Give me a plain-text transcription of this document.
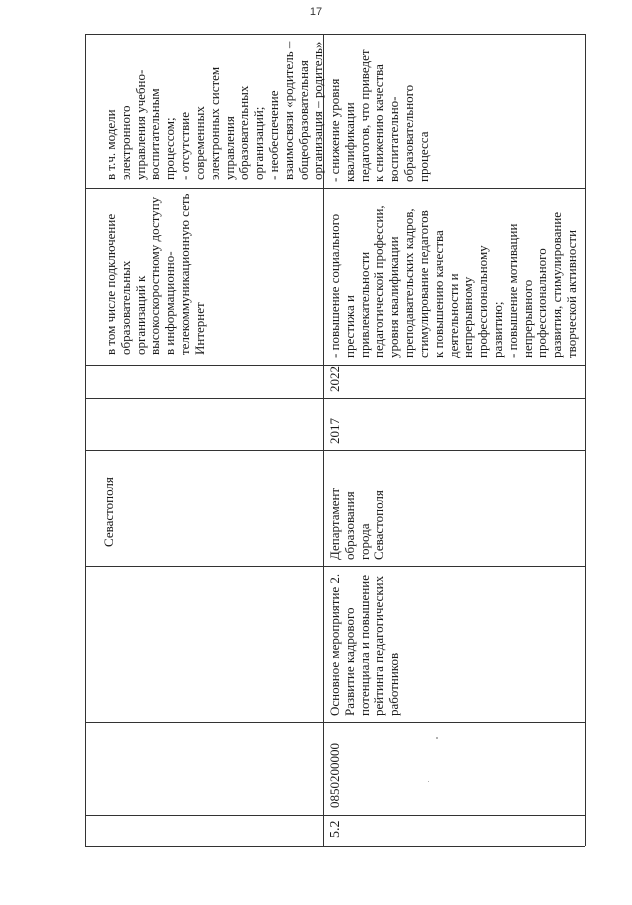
17
Севастополя
в том числе подключение
образовательных
организаций к
высокоскоростному доступу
в информационно-
телекоммуникационную сеть
Интернет
в т.ч. модели
электронного
управления учебно-
воспитательным
процессом;
- отсутствие
современных
электронных систем
управления
образовательных
организаций;
- необеспечение
взаимосвязи «родитель –
общеобразовательная
организация – родитель»
5.2
0850200000
Основное мероприятие 2.
Развитие кадрового
потенциала и повышение
рейтинга педагогических
работников
Департамент
образования
города
Севастополя
2017
2022
- повышение социального
престижа и
привлекательности
педагогической профессии,
уровня квалификации
преподавательских кадров,
стимулирование педагогов
к повышению качества
деятельности и
непрерывному
профессиональному
развитию;
- повышение мотивации
непрерывного
профессионального
развития, стимулирование
творческой активности
- снижение уровня
квалификации
педагогов, что приведет
к снижению качества
воспитательно-
образовательного
процесса
